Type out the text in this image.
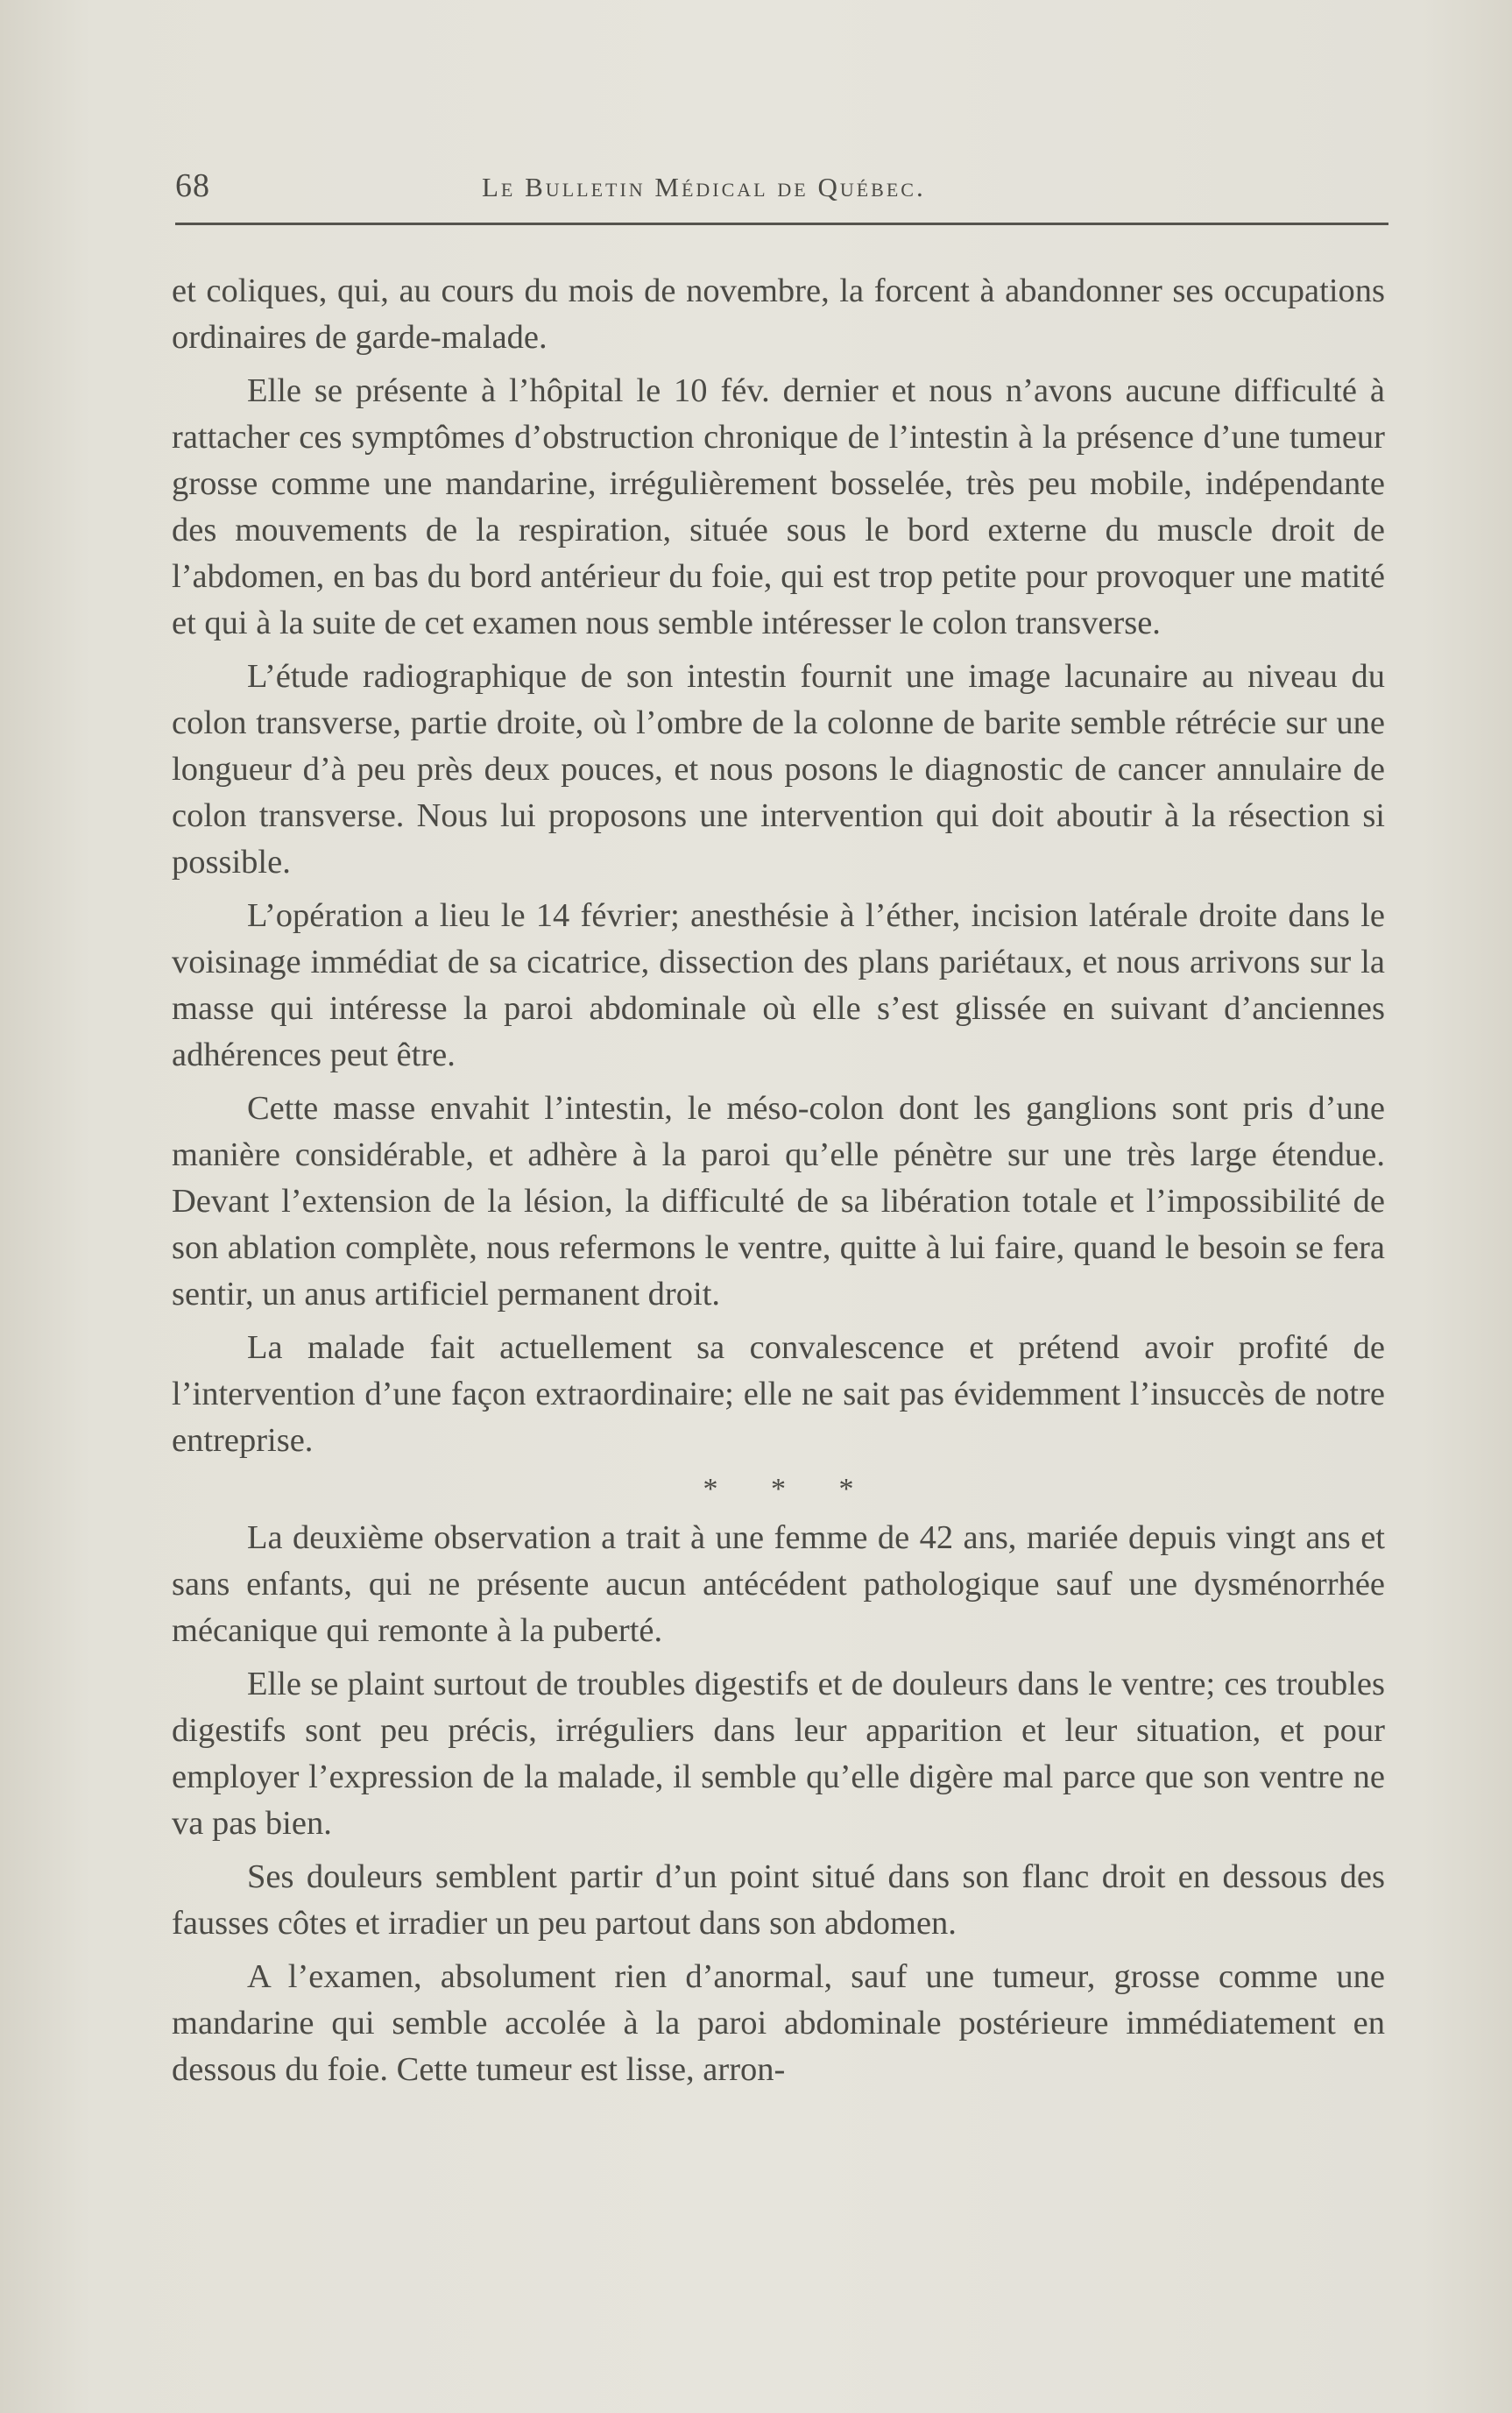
68	Le Bulletin Médical de Québec.

et coliques, qui, au cours du mois de novembre, la forcent à abandonner ses occupations ordinaires de garde-malade.

Elle se présente à l’hôpital le 10 fév. dernier et nous n’avons aucune difficulté à rattacher ces symptômes d’obstruction chronique de l’intestin à la présence d’une tumeur grosse comme une mandarine, irrégulièrement bosselée, très peu mobile, indépendante des mouvements de la respiration, située sous le bord externe du muscle droit de l’abdomen, en bas du bord antérieur du foie, qui est trop petite pour provoquer une matité et qui à la suite de cet examen nous semble intéresser le colon transverse.

L’étude radiographique de son intestin fournit une image lacunaire au niveau du colon transverse, partie droite, où l’ombre de la colonne de barite semble rétrécie sur une longueur d’à peu près deux pouces, et nous posons le diagnostic de cancer annulaire de colon transverse. Nous lui proposons une intervention qui doit aboutir à la résection si possible.

L’opération a lieu le 14 février; anesthésie à l’éther, incision latérale droite dans le voisinage immédiat de sa cicatrice, dissection des plans pariétaux, et nous arrivons sur la masse qui intéresse la paroi abdominale où elle s’est glissée en suivant d’anciennes adhérences peut être.

Cette masse envahit l’intestin, le méso-colon dont les ganglions sont pris d’une manière considérable, et adhère à la paroi qu’elle pénètre sur une très large étendue. Devant l’extension de la lésion, la difficulté de sa libération totale et l’impossibilité de son ablation complète, nous refermons le ventre, quitte à lui faire, quand le besoin se fera sentir, un anus artificiel permanent droit.

La malade fait actuellement sa convalescence et prétend avoir profité de l’intervention d’une façon extraordinaire; elle ne sait pas évidemment l’insuccès de notre entreprise.

* * *

La deuxième observation a trait à une femme de 42 ans, mariée depuis vingt ans et sans enfants, qui ne présente aucun antécédent pathologique sauf une dysménorrhée mécanique qui remonte à la puberté.

Elle se plaint surtout de troubles digestifs et de douleurs dans le ventre; ces troubles digestifs sont peu précis, irréguliers dans leur apparition et leur situation, et pour employer l’expression de la malade, il semble qu’elle digère mal parce que son ventre ne va pas bien.

Ses douleurs semblent partir d’un point situé dans son flanc droit en dessous des fausses côtes et irradier un peu partout dans son abdomen.

A l’examen, absolument rien d’anormal, sauf une tumeur, grosse comme une mandarine qui semble accolée à la paroi abdominale postérieure immédiatement en dessous du foie. Cette tumeur est lisse, arron-
